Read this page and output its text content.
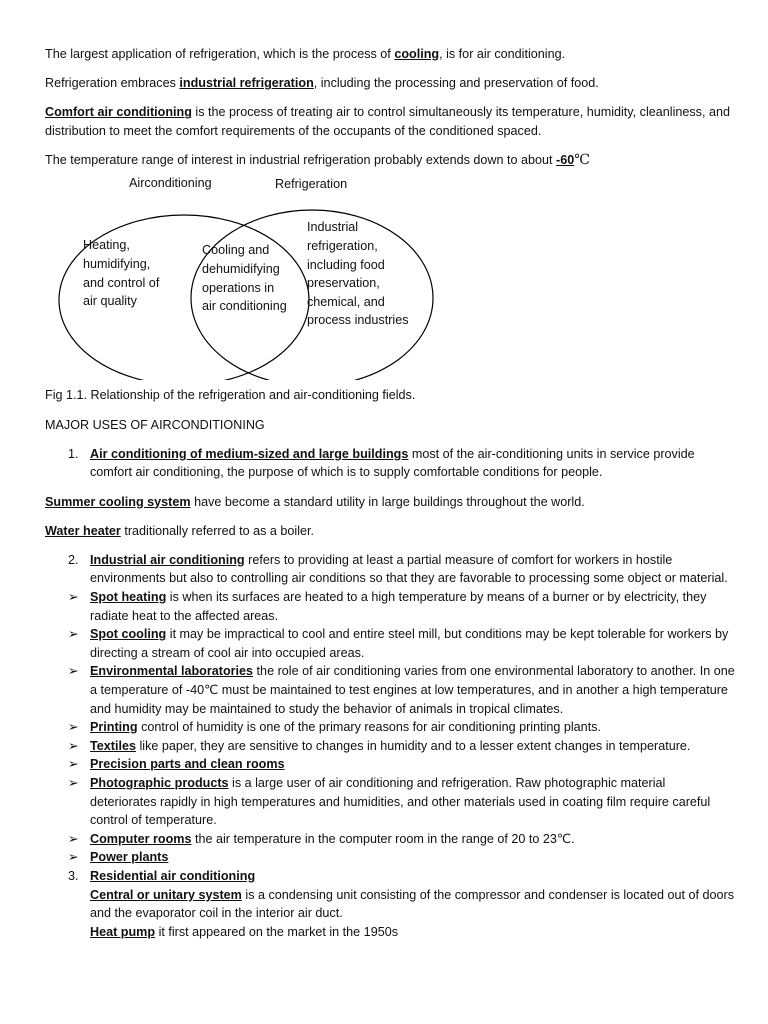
The largest application of refrigeration, which is the process of cooling, is for air conditioning.

Refrigeration embraces industrial refrigeration, including the processing and preservation of food.

Comfort air conditioning is the process of treating air to control simultaneously its temperature, humidity, cleanliness, and distribution to meet the comfort requirements of the occupants of the conditioned spaced.

The temperature range of interest in industrial refrigeration probably extends down to about -60℃

Airconditioning	Refrigeration
Heating,
humidifying,
and control of
air quality
Cooling and
dehumidifying
operations in
air conditioning
Industrial
refrigeration,
including food
preservation,
chemical, and
process industries

Fig 1.1. Relationship of the refrigeration and air-conditioning fields.

MAJOR USES OF AIRCONDITIONING

1. Air conditioning of medium-sized and large buildings most of the air-conditioning units in service provide comfort air conditioning, the purpose of which is to supply comfortable conditions for people.

Summer cooling system have become a standard utility in large buildings throughout the world.

Water heater traditionally referred to as a boiler.

2. Industrial air conditioning refers to providing at least a partial measure of comfort for workers in hostile environments but also to controlling air conditions so that they are favorable to processing some object or material.
➢ Spot heating is when its surfaces are heated to a high temperature by means of a burner or by electricity, they radiate heat to the affected areas.
➢ Spot cooling it may be impractical to cool and entire steel mill, but conditions may be kept tolerable for workers by directing a stream of cool air into occupied areas.
➢ Environmental laboratories the role of air conditioning varies from one environmental laboratory to another. In one a temperature of -40℃ must be maintained to test engines at low temperatures, and in another a high temperature and humidity may be maintained to study the behavior of animals in tropical climates.
➢ Printing control of humidity is one of the primary reasons for air conditioning printing plants.
➢ Textiles like paper, they are sensitive to changes in humidity and to a lesser extent changes in temperature.
➢ Precision parts and clean rooms
➢ Photographic products is a large user of air conditioning and refrigeration. Raw photographic material deteriorates rapidly in high temperatures and humidities, and other materials used in coating film require careful control of temperature.
➢ Computer rooms the air temperature in the computer room in the range of 20 to 23℃.
➢ Power plants
3. Residential air conditioning
Central or unitary system is a condensing unit consisting of the compressor and condenser is located out of doors and the evaporator coil in the interior air duct.
Heat pump it first appeared on the market in the 1950s
